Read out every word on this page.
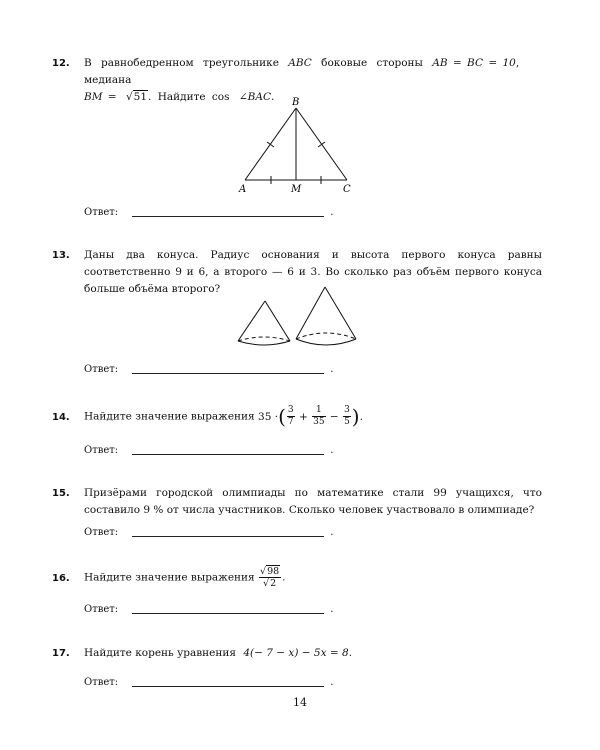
12. В равнобедренном треугольнике ABC боковые стороны AB = BC = 10, медиана
BM = √51. Найдите cos ∠BAC.	B
A	M	C
Ответ:	.
13. Даны два конуса. Радиус основания и высота первого конуса равны соответственно 9 и 6, а второго — 6 и 3. Во сколько раз объём первого конуса больше объёма второго?
Ответ:	.
14. Найдите значение выражения 35 ·( $\frac{3}{7} + \frac{1}{35} - \frac{3}{5}$ ).
Ответ:	.
15. Призёрами городской олимпиады по математике стали 99 учащихся, что составило 9 % от числа участников. Сколько человек участвовало в олимпиаде?
Ответ:	.
16. Найдите значение выражения $\frac{√98}{√2}$ .
Ответ:	.
17. Найдите корень уравнения 4(− 7 − x) − 5x = 8.
Ответ:	.
14
